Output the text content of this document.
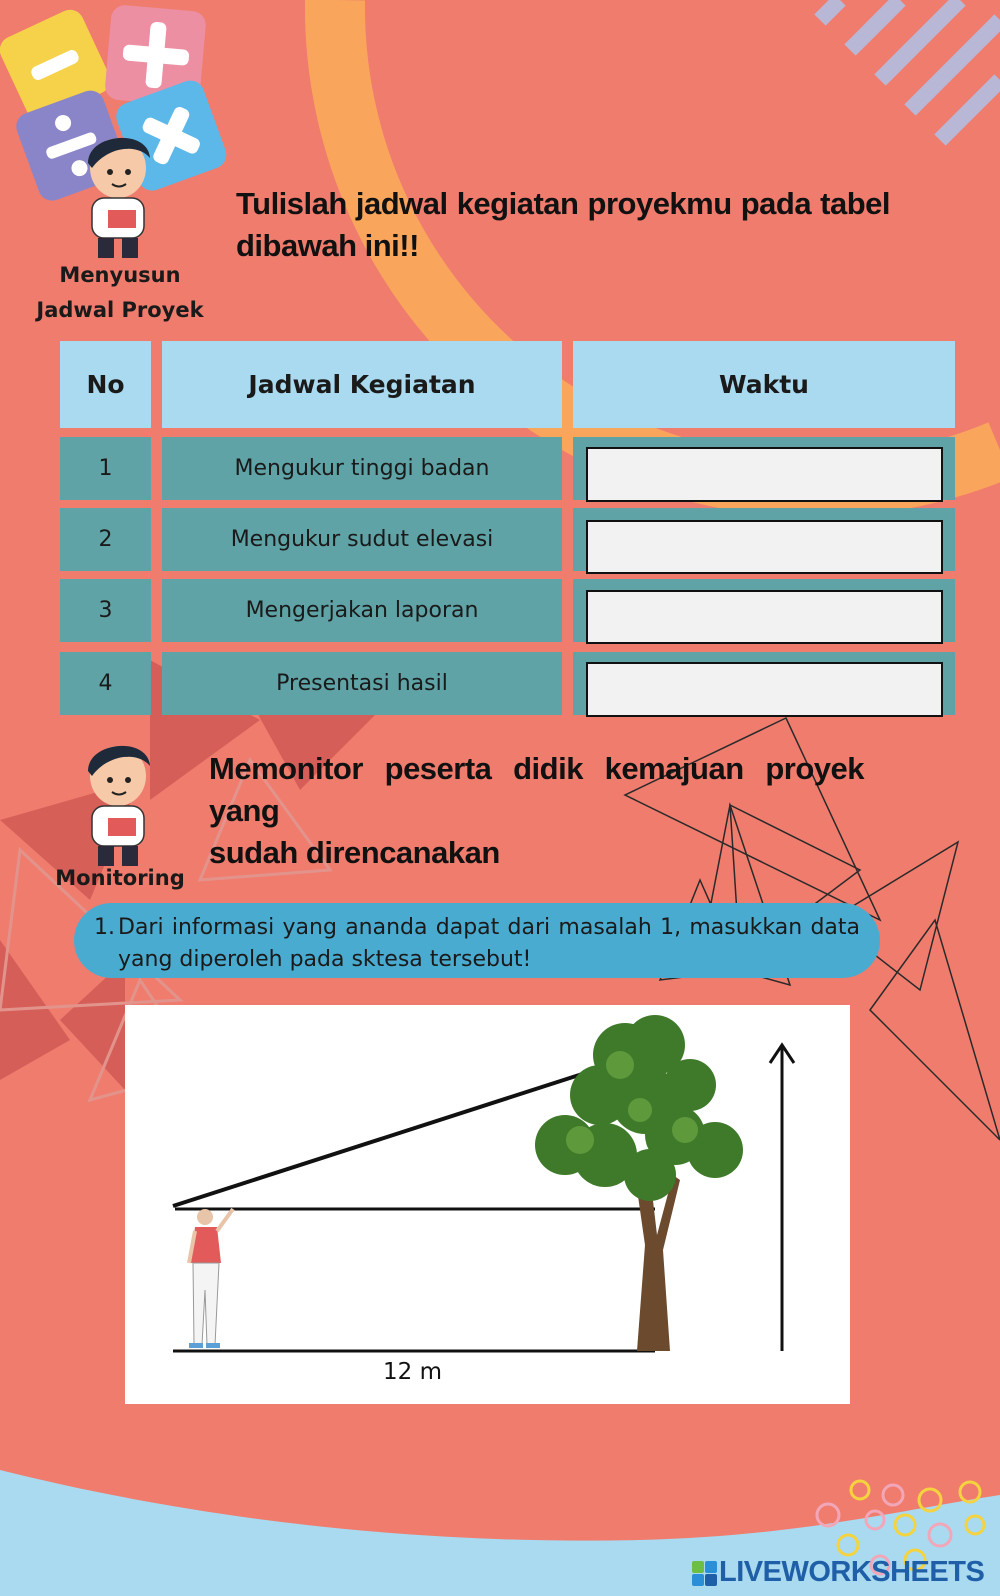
Menyusun
Jadwal Proyek
Tulislah jadwal kegiatan proyekmu pada tabel
dibawah ini!!
No	Jadwal Kegiatan	Waktu
1	Mengukur tinggi badan
2	Mengukur sudut elevasi
3	Mengerjakan laporan
4	Presentasi hasil
Monitoring
Memonitor peserta didik kemajuan proyek yang
sudah direncanakan
1. Dari informasi yang ananda dapat dari masalah 1, masukkan data yang diperoleh pada sktesa tersebut!
12 m
LIVEWORKSHEETS
